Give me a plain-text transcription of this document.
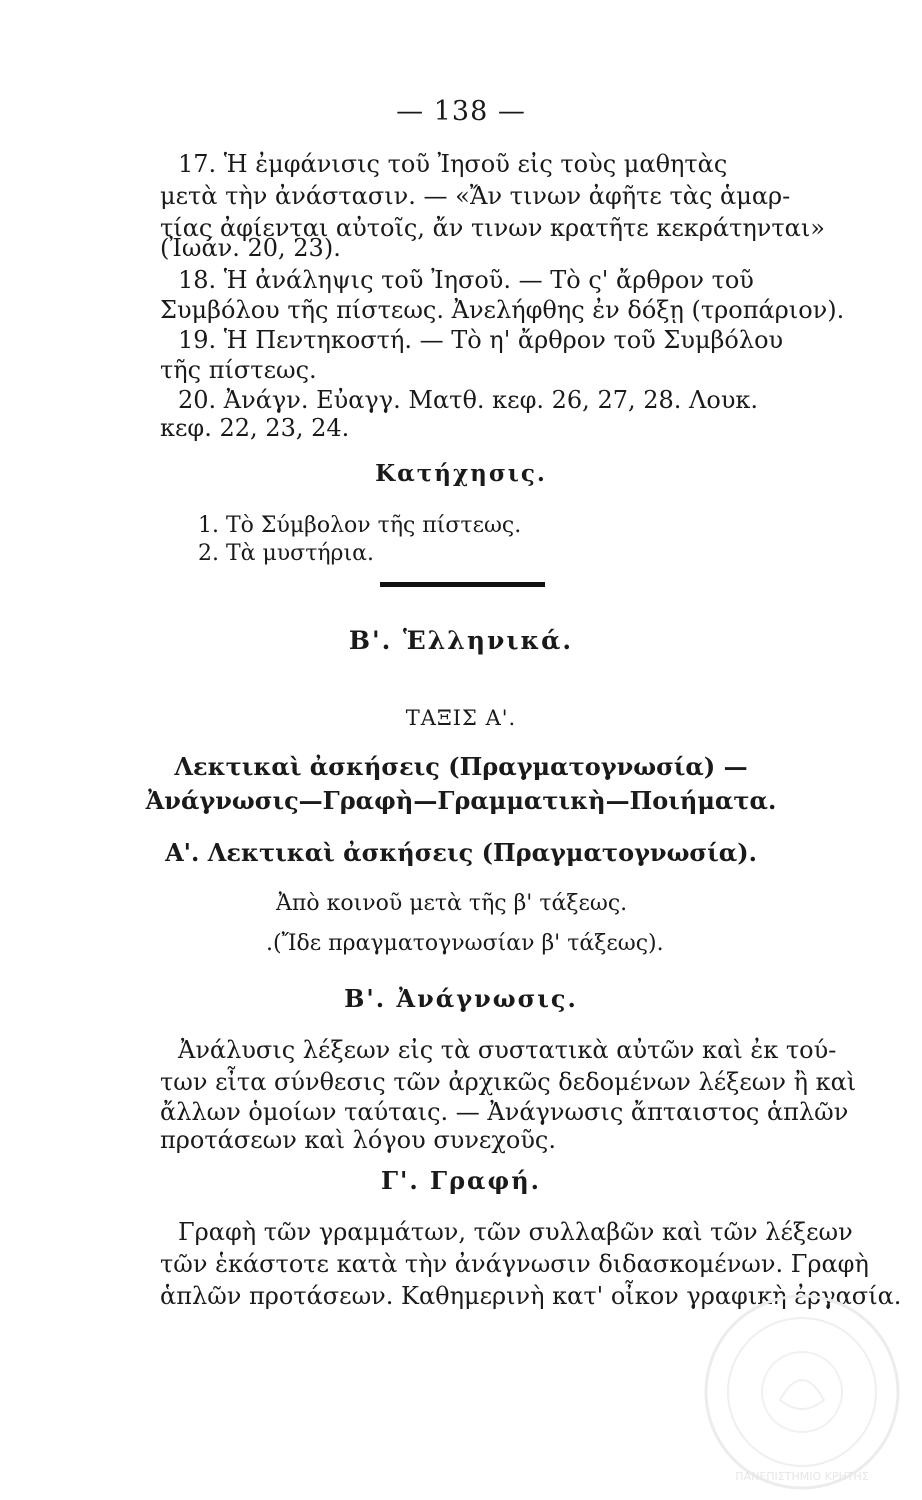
— 138 —
17. Ἡ ἐμφάνισις τοῦ Ἰησοῦ εἰς τοὺς μαθητὰς
μετὰ τὴν ἀνάστασιν. — «Ἄν τινων ἀφῆτε τὰς ἁμαρ-
τίας ἀφίενται αὐτοῖς, ἄν τινων κρατῆτε κεκράτηνται»
(Ἰωάν. 20, 23).
18. Ἡ ἀνάληψις τοῦ Ἰησοῦ. — Τὸ ς' ἄρθρον τοῦ
Συμβόλου τῆς πίστεως. Ἀνελήφθης ἐν δόξῃ (τροπάριον).
19. Ἡ Πεντηκοστή. — Τὸ η' ἄρθρον τοῦ Συμβόλου
τῆς πίστεως.
20. Ἀνάγν. Εὐαγγ. Ματθ. κεφ. 26, 27, 28. Λουκ.
κεφ. 22, 23, 24.
Κατήχησις.
1. Τὸ Σύμβολον τῆς πίστεως.
2. Τὰ μυστήρια.
Β'. Ἑλληνικά.
ΤΑΞΙΣ Α'.
Λεκτικαὶ ἀσκήσεις (Πραγματογνωσία) —
Ἀνάγνωσις—Γραφὴ—Γραμματικὴ—Ποιήματα.
Α'. Λεκτικαὶ ἀσκήσεις (Πραγματογνωσία).
Ἀπὸ κοινοῦ μετὰ τῆς β' τάξεως.
.(Ἴδε πραγματογνωσίαν β' τάξεως).
Β'. Ἀνάγνωσις.
Ἀνάλυσις λέξεων εἰς τὰ συστατικὰ αὐτῶν καὶ ἐκ τού-
των εἶτα σύνθεσις τῶν ἀρχικῶς δεδομένων λέξεων ἢ καὶ
ἄλλων ὁμοίων ταύταις. — Ἀνάγνωσις ἄπταιστος ἁπλῶν
προτάσεων καὶ λόγου συνεχοῦς.
Γ'. Γραφή.
Γραφὴ τῶν γραμμάτων, τῶν συλλαβῶν καὶ τῶν λέξεων
τῶν ἑκάστοτε κατὰ τὴν ἀνάγνωσιν διδασκομένων. Γραφὴ
ἁπλῶν προτάσεων. Καθημερινὴ κατ' οἶκον γραφικὴ ἐργασία.
ΠΑΝΕΠΙΣΤΗΜΙΟ ΚΡΗΤΗΣ
